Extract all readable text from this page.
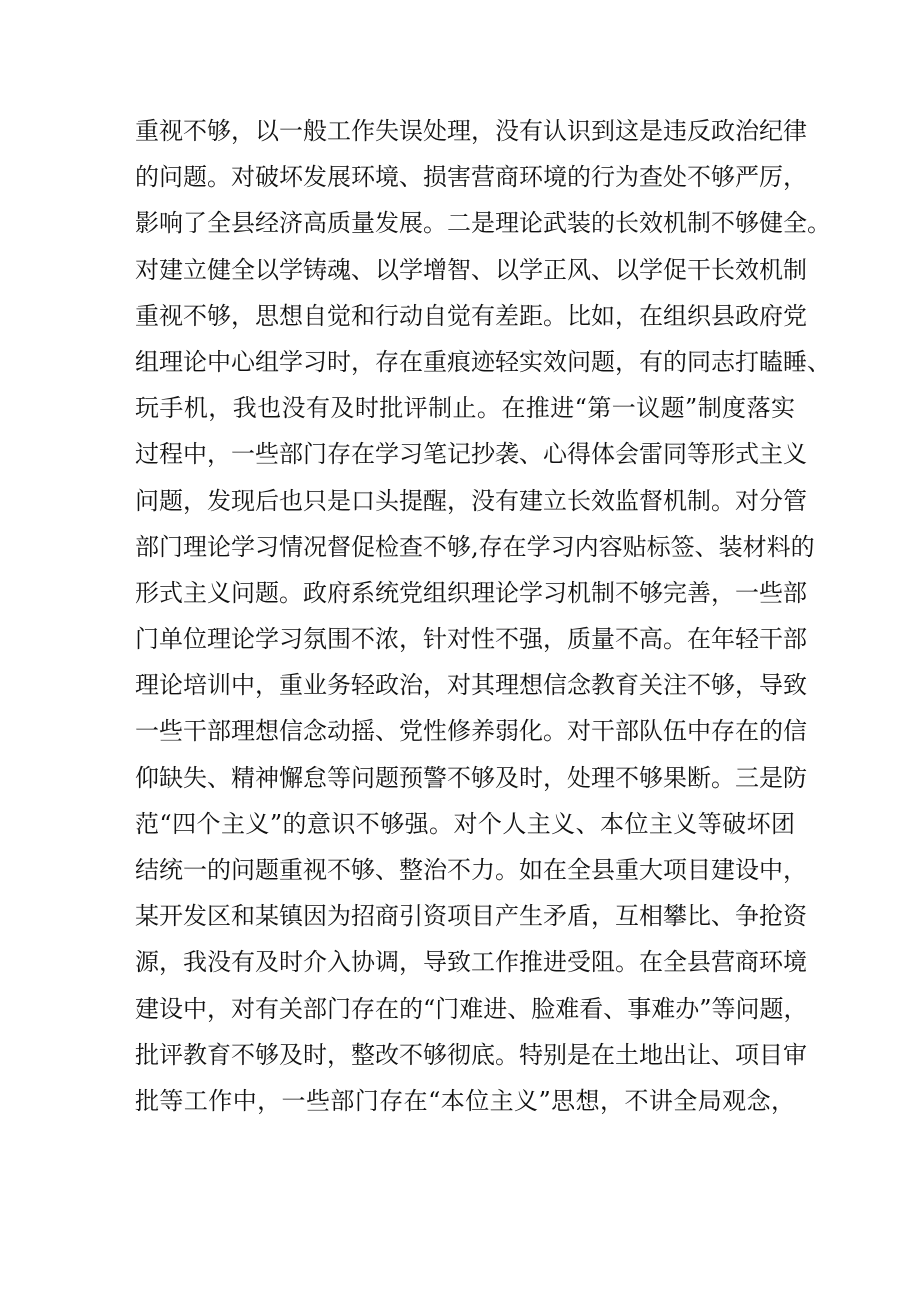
重视不够，以一般工作失误处理，没有认识到这是违反政治纪律
的问题。对破坏发展环境、损害营商环境的行为查处不够严厉，
影响了全县经济高质量发展。二是理论武装的长效机制不够健全。
对建立健全以学铸魂、以学增智、以学正风、以学促干长效机制
重视不够，思想自觉和行动自觉有差距。比如，在组织县政府党
组理论中心组学习时，存在重痕迹轻实效问题，有的同志打瞌睡、
玩手机，我也没有及时批评制止。在推进“第一议题”制度落实
过程中，一些部门存在学习笔记抄袭、心得体会雷同等形式主义
问题，发现后也只是口头提醒，没有建立长效监督机制。对分管
部门理论学习情况督促检查不够,存在学习内容贴标签、装材料的
形式主义问题。政府系统党组织理论学习机制不够完善，一些部
门单位理论学习氛围不浓，针对性不强，质量不高。在年轻干部
理论培训中，重业务轻政治，对其理想信念教育关注不够，导致
一些干部理想信念动摇、党性修养弱化。对干部队伍中存在的信
仰缺失、精神懈怠等问题预警不够及时，处理不够果断。三是防
范“四个主义”的意识不够强。对个人主义、本位主义等破坏团
结统一的问题重视不够、整治不力。如在全县重大项目建设中，
某开发区和某镇因为招商引资项目产生矛盾，互相攀比、争抢资
源，我没有及时介入协调，导致工作推进受阻。在全县营商环境
建设中，对有关部门存在的“门难进、脸难看、事难办”等问题，
批评教育不够及时，整改不够彻底。特别是在土地出让、项目审
批等工作中，一些部门存在“本位主义”思想，不讲全局观念，
